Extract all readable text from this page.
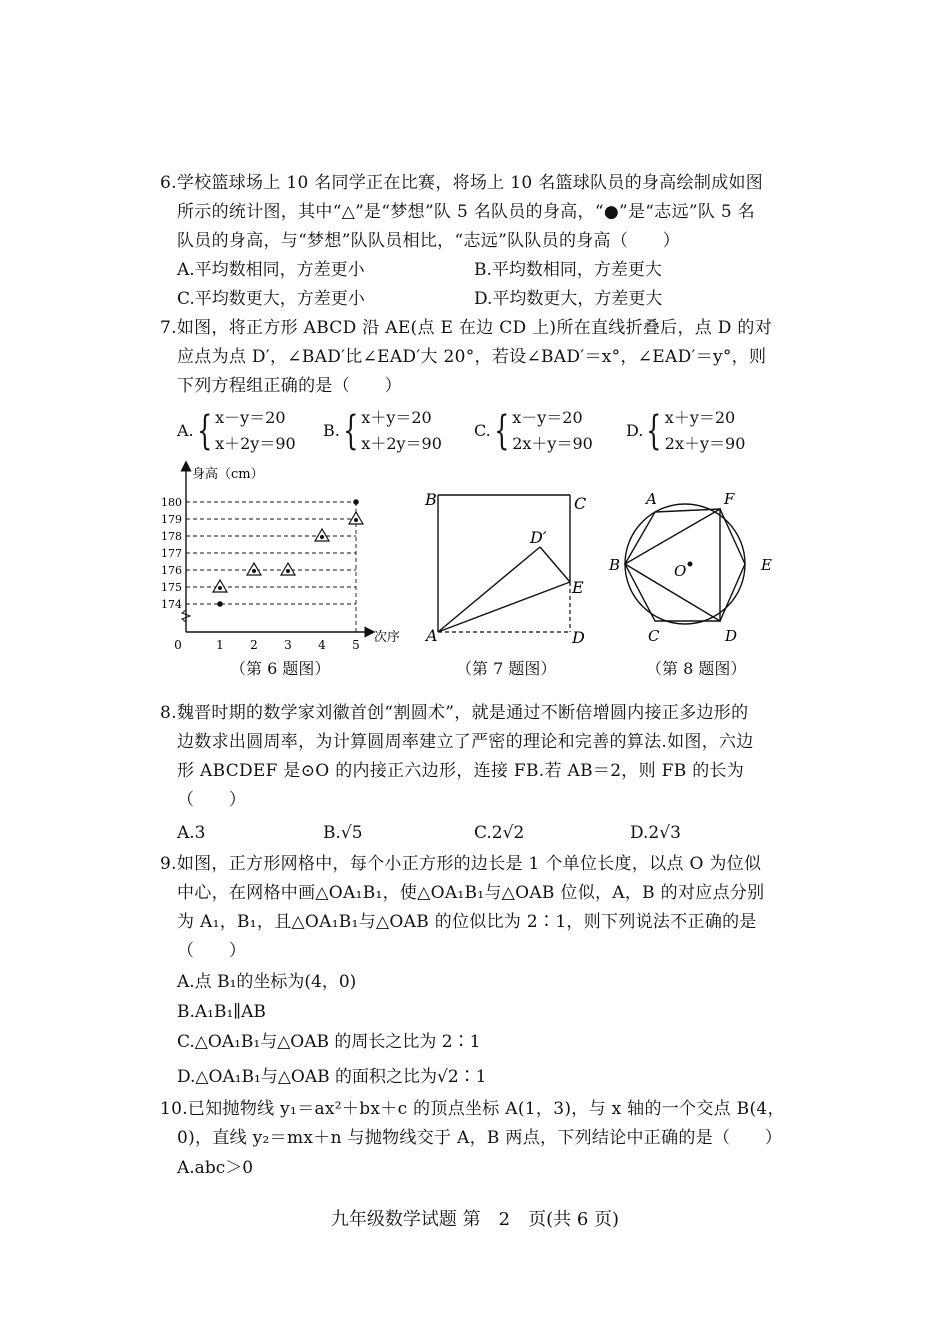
6.学校篮球场上 10 名同学正在比赛，将场上 10 名篮球队员的身高绘制成如图
所示的统计图，其中“△”是“梦想”队 5 名队员的身高，“●”是“志远”队 5 名
队员的身高，与“梦想”队队员相比，“志远”队队员的身高（　　）
A.平均数相同，方差更小	B.平均数相同，方差更大
C.平均数更大，方差更小	D.平均数更大，方差更大
7.如图，将正方形 ABCD 沿 AE(点 E 在边 CD 上)所在直线折叠后，点 D 的对
应点为点 D′，∠BAD′比∠EAD′大 20°，若设∠BAD′＝x°，∠EAD′＝y°，则
下列方程组正确的是（　　）
A.{ x－y＝20
x＋2y＝90
B.{ x＋y＝20
x＋2y＝90
C.{ x－y＝20
2x＋y＝90
D.{ x＋y＝20
2x＋y＝90
身高（cm）
次序
174
175
176
177
178
179
180
0	1 2 3 4 5
B	C
D′
E
A	D
A	F
B	O	E
C	D
（第 6 题图）	（第 7 题图）	（第 8 题图）
8.魏晋时期的数学家刘徽首创“割圆术”，就是通过不断倍增圆内接正多边形的
边数求出圆周率，为计算圆周率建立了严密的理论和完善的算法.如图，六边
形 ABCDEF 是⊙O 的内接正六边形，连接 FB.若 AB＝2，则 FB 的长为
（　　）
A.3	B.√5	C.2√2	D.2√3
9.如图，正方形网格中，每个小正方形的边长是 1 个单位长度，以点 O 为位似
中心，在网格中画△OA₁B₁，使△OA₁B₁与△OAB 位似，A，B 的对应点分别
为 A₁，B₁，且△OA₁B₁与△OAB 的位似比为 2∶1，则下列说法不正确的是
（　　）
A.点 B₁的坐标为(4，0)
B.A₁B₁∥AB
C.△OA₁B₁与△OAB 的周长之比为 2∶1
D.△OA₁B₁与△OAB 的面积之比为√2∶1
10.已知抛物线 y₁＝ax²＋bx＋c 的顶点坐标 A(1，3)，与 x 轴的一个交点 B(4，
0)，直线 y₂＝mx＋n 与抛物线交于 A，B 两点，下列结论中正确的是（　　）
A.abc＞0
九年级数学试题 第　2　页(共 6 页)
